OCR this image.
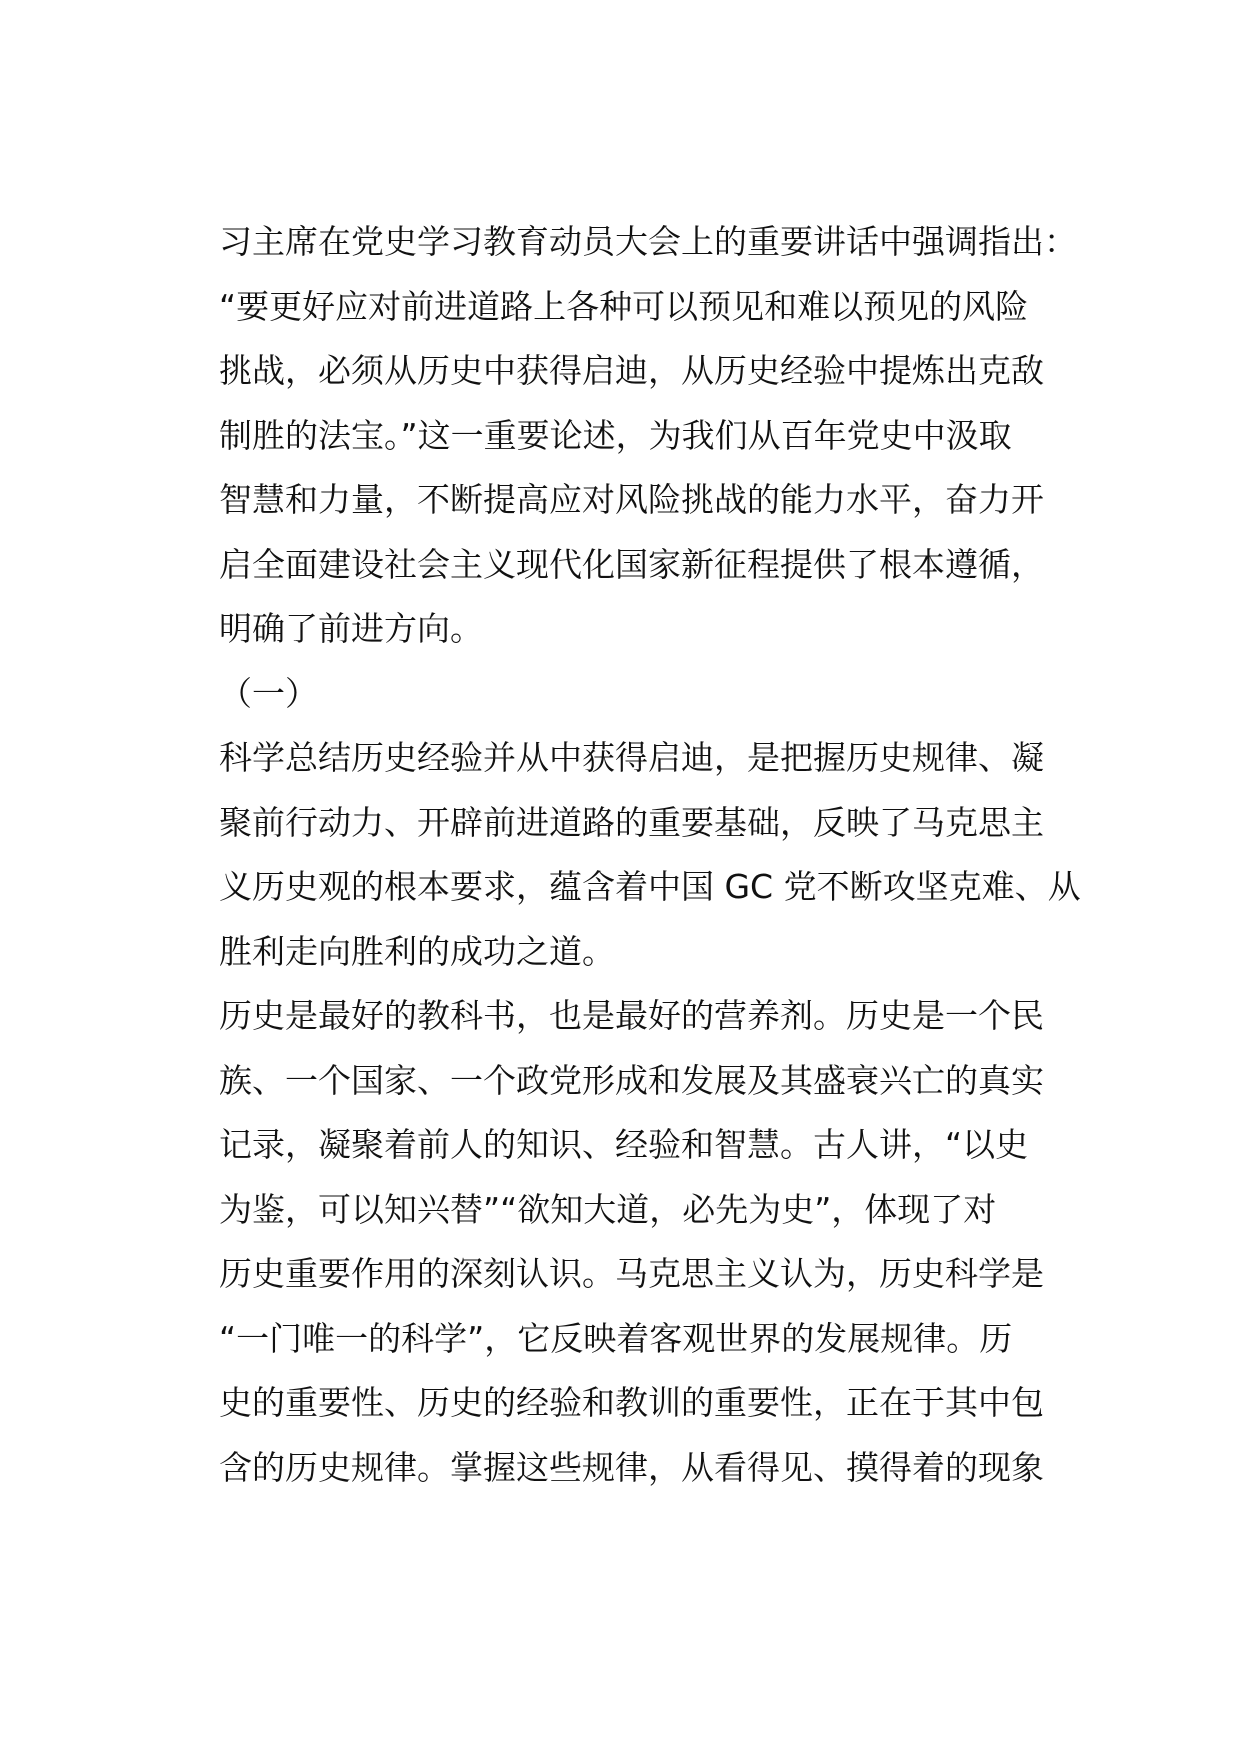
习主席在党史学习教育动员大会上的重要讲话中强调指出：
“要更好应对前进道路上各种可以预见和难以预见的风险
挑战，必须从历史中获得启迪，从历史经验中提炼出克敌
制胜的法宝。”这一重要论述，为我们从百年党史中汲取
智慧和力量，不断提高应对风险挑战的能力水平，奋力开
启全面建设社会主义现代化国家新征程提供了根本遵循，
明确了前进方向。
（一）
科学总结历史经验并从中获得启迪，是把握历史规律、凝
聚前行动力、开辟前进道路的重要基础，反映了马克思主
义历史观的根本要求，蕴含着中国 GC 党不断攻坚克难、从
胜利走向胜利的成功之道。
历史是最好的教科书，也是最好的营养剂。历史是一个民
族、一个国家、一个政党形成和发展及其盛衰兴亡的真实
记录，凝聚着前人的知识、经验和智慧。古人讲，“以史
为鉴，可以知兴替”“欲知大道，必先为史”，体现了对
历史重要作用的深刻认识。马克思主义认为，历史科学是
“一门唯一的科学”，它反映着客观世界的发展规律。历
史的重要性、历史的经验和教训的重要性，正在于其中包
含的历史规律。掌握这些规律，从看得见、摸得着的现象
